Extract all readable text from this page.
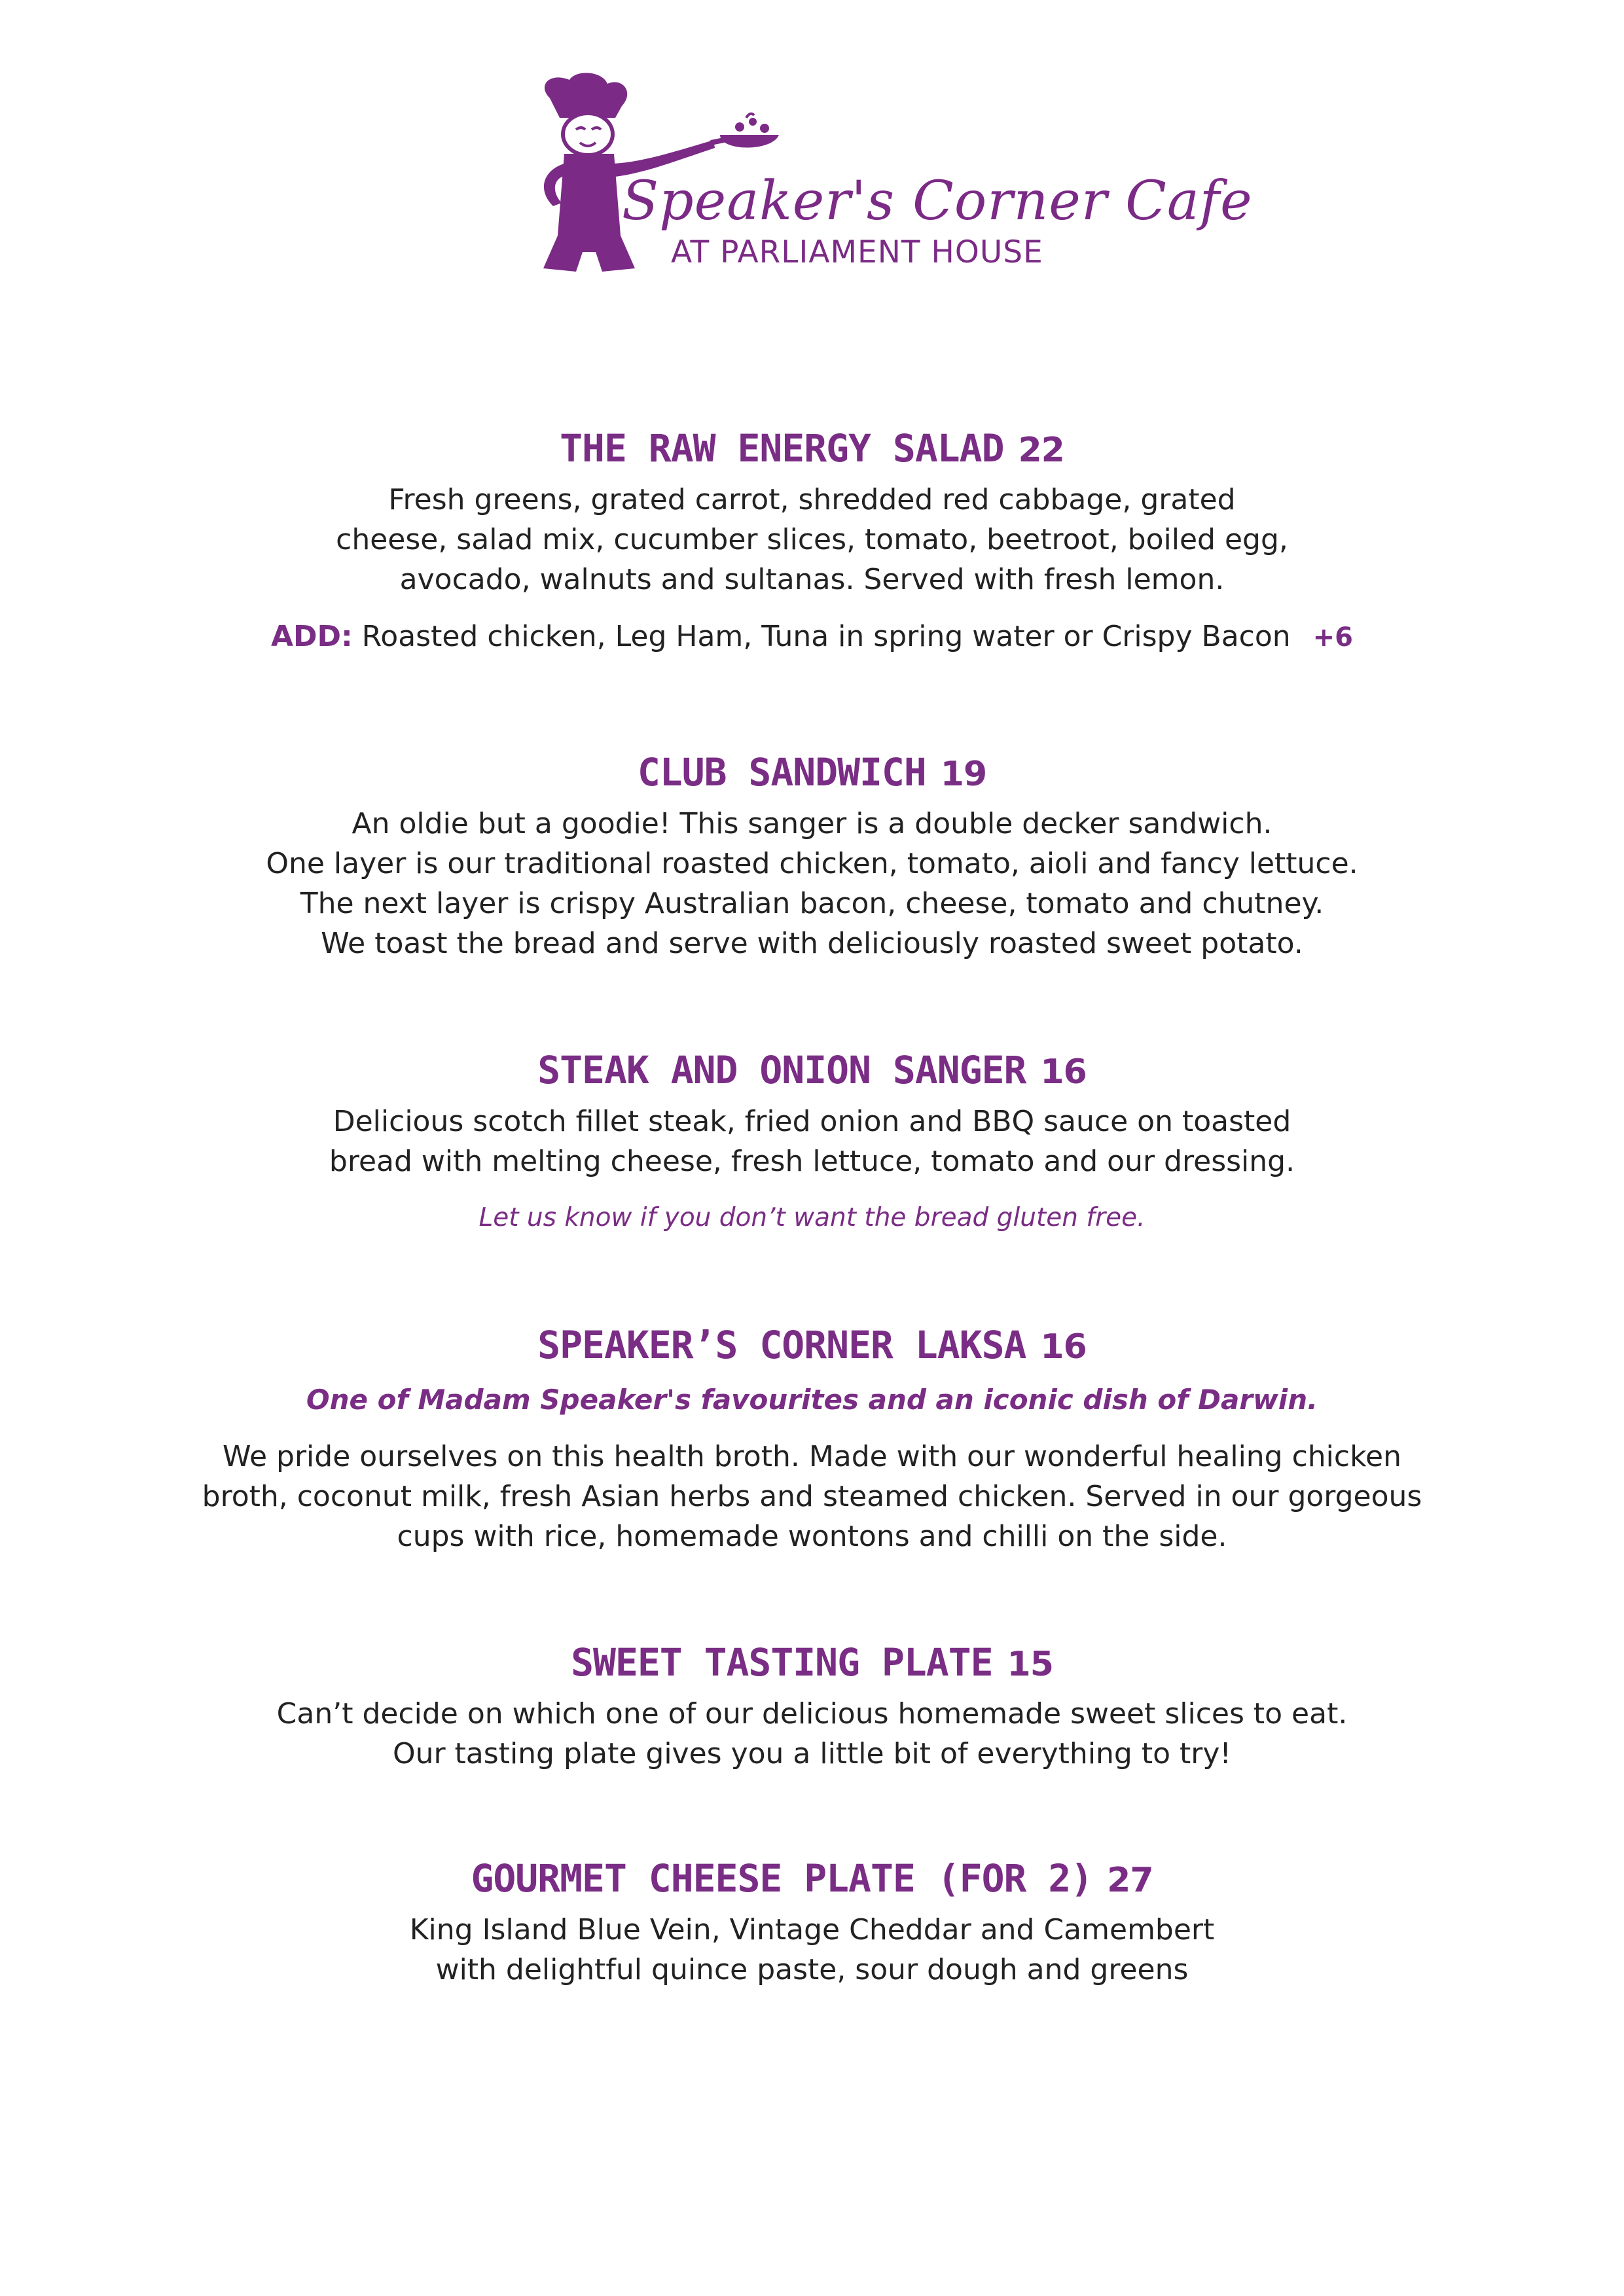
Speaker's Corner Cafe
AT PARLIAMENT HOUSE
THE RAW ENERGY SALAD 22

Fresh greens, grated carrot, shredded red cabbage, grated
cheese, salad mix, cucumber slices, tomato, beetroot, boiled egg,
avocado, walnuts and sultanas. Served with fresh lemon.

ADD: Roasted chicken, Leg Ham, Tuna in spring water or Crispy Bacon +6
CLUB SANDWICH 19

An oldie but a goodie! This sanger is a double decker sandwich.
One layer is our traditional roasted chicken, tomato, aioli and fancy lettuce.
The next layer is crispy Australian bacon, cheese, tomato and chutney.
We toast the bread and serve with deliciously roasted sweet potato.

STEAK AND ONION SANGER 16

Delicious scotch fillet steak, fried onion and BBQ sauce on toasted
bread with melting cheese, fresh lettuce, tomato and our dressing.

Let us know if you don’t want the bread gluten free.
SPEAKER’S CORNER LAKSA 16
One of Madam Speaker's favourites and an iconic dish of Darwin.

We pride ourselves on this health broth. Made with our wonderful healing chicken
broth, coconut milk, fresh Asian herbs and steamed chicken. Served in our gorgeous
cups with rice, homemade wontons and chilli on the side.

SWEET TASTING PLATE 15

Can’t decide on which one of our delicious homemade sweet slices to eat.
Our tasting plate gives you a little bit of everything to try!

GOURMET CHEESE PLATE (FOR 2) 27

King Island Blue Vein, Vintage Cheddar and Camembert
with delightful quince paste, sour dough and greens
